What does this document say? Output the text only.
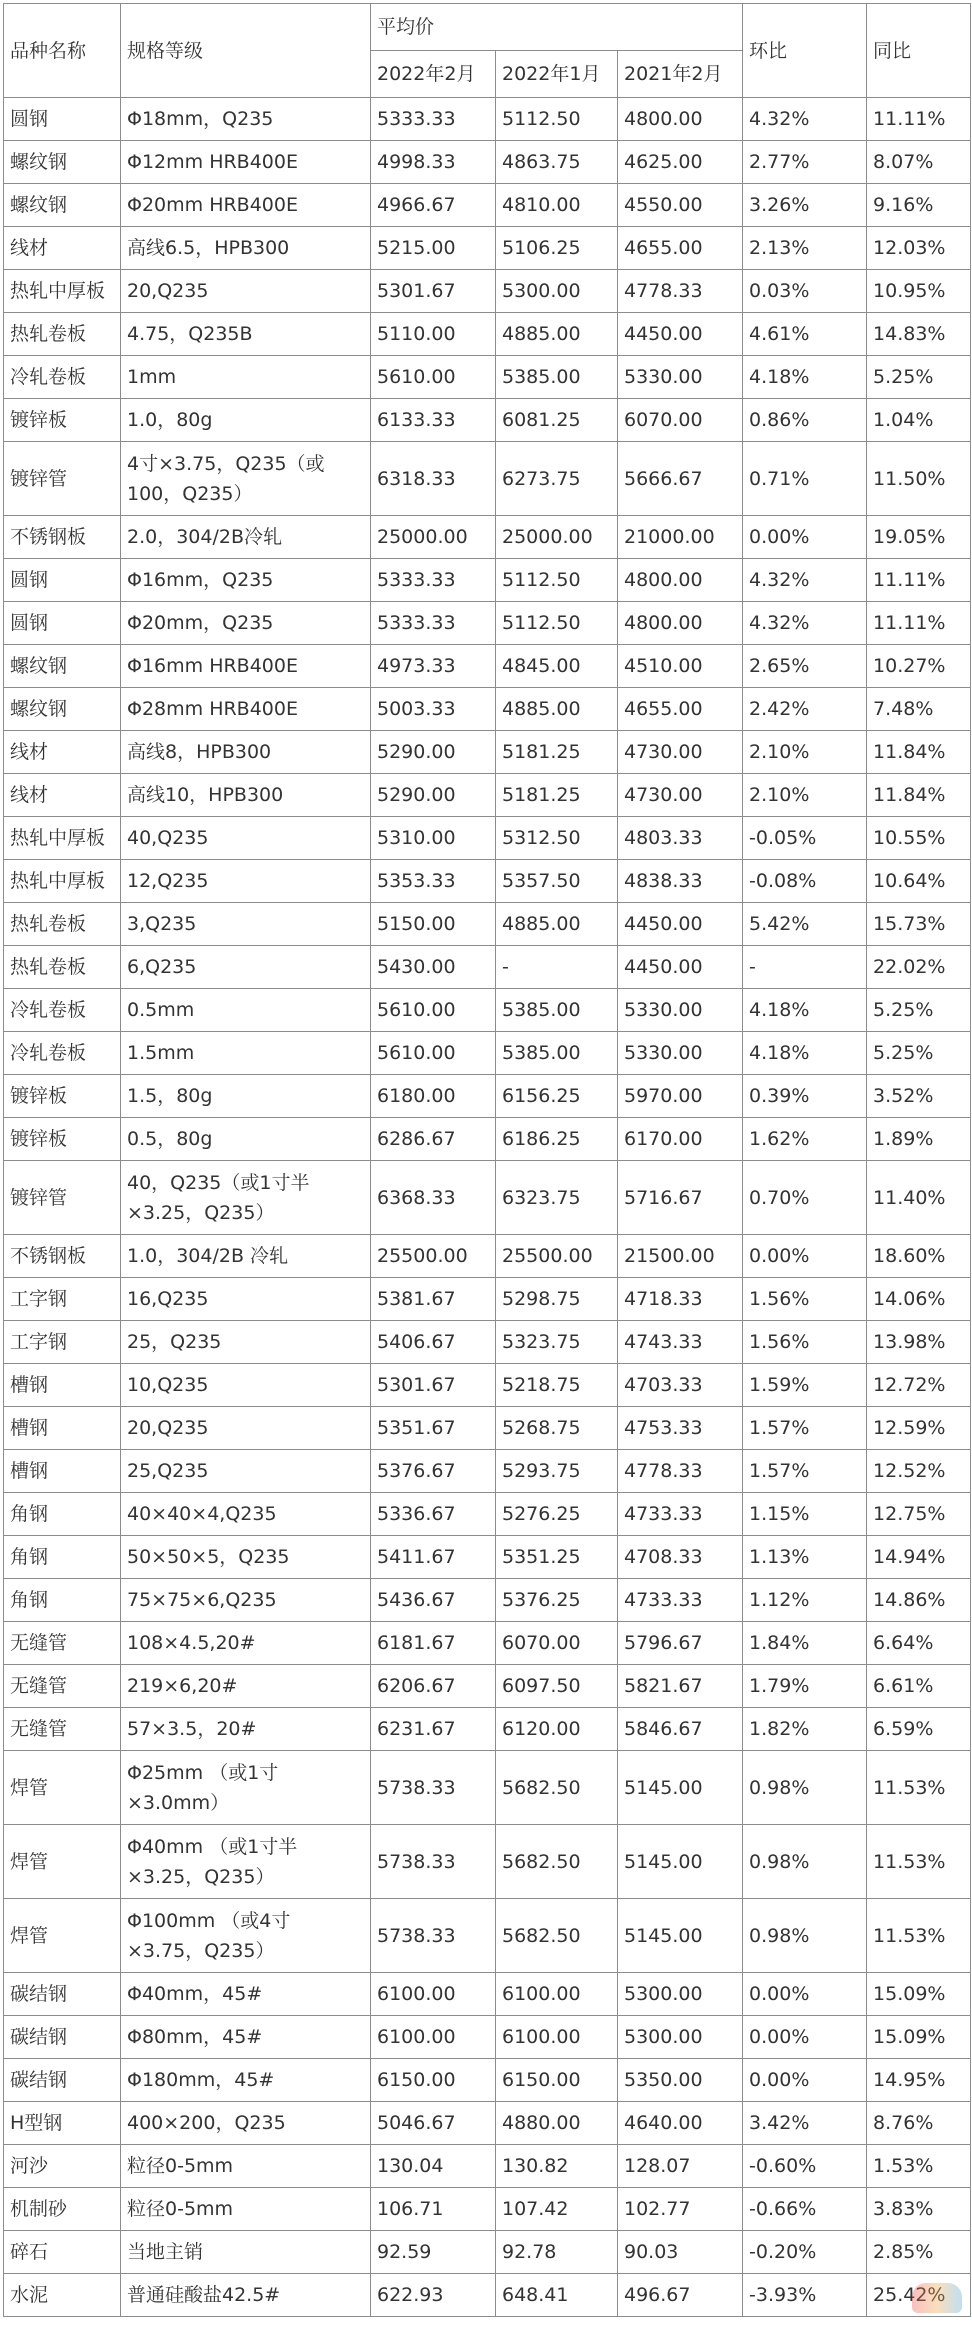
品种名称	规格等级	平均价			环比	同比
		2022年2月	2022年1月	2021年2月		
圆钢	Φ18mm，Q235	5333.33	5112.50	4800.00	4.32%	11.11%
螺纹钢	Φ12mm HRB400E	4998.33	4863.75	4625.00	2.77%	8.07%
螺纹钢	Φ20mm HRB400E	4966.67	4810.00	4550.00	3.26%	9.16%
线材	高线6.5，HPB300	5215.00	5106.25	4655.00	2.13%	12.03%
热轧中厚板	20,Q235	5301.67	5300.00	4778.33	0.03%	10.95%
热轧卷板	4.75，Q235B	5110.00	4885.00	4450.00	4.61%	14.83%
冷轧卷板	1mm	5610.00	5385.00	5330.00	4.18%	5.25%
镀锌板	1.0，80g	6133.33	6081.25	6070.00	0.86%	1.04%
镀锌管	4寸×3.75，Q235（或100，Q235）	6318.33	6273.75	5666.67	0.71%	11.50%
不锈钢板	2.0，304/2B冷轧	25000.00	25000.00	21000.00	0.00%	19.05%
圆钢	Φ16mm，Q235	5333.33	5112.50	4800.00	4.32%	11.11%
圆钢	Φ20mm，Q235	5333.33	5112.50	4800.00	4.32%	11.11%
螺纹钢	Φ16mm HRB400E	4973.33	4845.00	4510.00	2.65%	10.27%
螺纹钢	Φ28mm HRB400E	5003.33	4885.00	4655.00	2.42%	7.48%
线材	高线8，HPB300	5290.00	5181.25	4730.00	2.10%	11.84%
线材	高线10，HPB300	5290.00	5181.25	4730.00	2.10%	11.84%
热轧中厚板	40,Q235	5310.00	5312.50	4803.33	-0.05%	10.55%
热轧中厚板	12,Q235	5353.33	5357.50	4838.33	-0.08%	10.64%
热轧卷板	3,Q235	5150.00	4885.00	4450.00	5.42%	15.73%
热轧卷板	6,Q235	5430.00	-	4450.00	-	22.02%
冷轧卷板	0.5mm	5610.00	5385.00	5330.00	4.18%	5.25%
冷轧卷板	1.5mm	5610.00	5385.00	5330.00	4.18%	5.25%
镀锌板	1.5，80g	6180.00	6156.25	5970.00	0.39%	3.52%
镀锌板	0.5，80g	6286.67	6186.25	6170.00	1.62%	1.89%
镀锌管	40，Q235（或1寸半×3.25，Q235）	6368.33	6323.75	5716.67	0.70%	11.40%
不锈钢板	1.0，304/2B 冷轧	25500.00	25500.00	21500.00	0.00%	18.60%
工字钢	16,Q235	5381.67	5298.75	4718.33	1.56%	14.06%
工字钢	25，Q235	5406.67	5323.75	4743.33	1.56%	13.98%
槽钢	10,Q235	5301.67	5218.75	4703.33	1.59%	12.72%
槽钢	20,Q235	5351.67	5268.75	4753.33	1.57%	12.59%
槽钢	25,Q235	5376.67	5293.75	4778.33	1.57%	12.52%
角钢	40×40×4,Q235	5336.67	5276.25	4733.33	1.15%	12.75%
角钢	50×50×5，Q235	5411.67	5351.25	4708.33	1.13%	14.94%
角钢	75×75×6,Q235	5436.67	5376.25	4733.33	1.12%	14.86%
无缝管	108×4.5,20#	6181.67	6070.00	5796.67	1.84%	6.64%
无缝管	219×6,20#	6206.67	6097.50	5821.67	1.79%	6.61%
无缝管	57×3.5，20#	6231.67	6120.00	5846.67	1.82%	6.59%
焊管	Φ25mm （或1寸×3.0mm）	5738.33	5682.50	5145.00	0.98%	11.53%
焊管	Φ40mm （或1寸半×3.25，Q235）	5738.33	5682.50	5145.00	0.98%	11.53%
焊管	Φ100mm （或4寸×3.75，Q235）	5738.33	5682.50	5145.00	0.98%	11.53%
碳结钢	Φ40mm，45#	6100.00	6100.00	5300.00	0.00%	15.09%
碳结钢	Φ80mm，45#	6100.00	6100.00	5300.00	0.00%	15.09%
碳结钢	Φ180mm，45#	6150.00	6150.00	5350.00	0.00%	14.95%
H型钢	400×200，Q235	5046.67	4880.00	4640.00	3.42%	8.76%
河沙	粒径0-5mm	130.04	130.82	128.07	-0.60%	1.53%
机制砂	粒径0-5mm	106.71	107.42	102.77	-0.66%	3.83%
碎石	当地主销	92.59	92.78	90.03	-0.20%	2.85%
水泥	普通硅酸盐42.5#	622.93	648.41	496.67	-3.93%	25.42%
